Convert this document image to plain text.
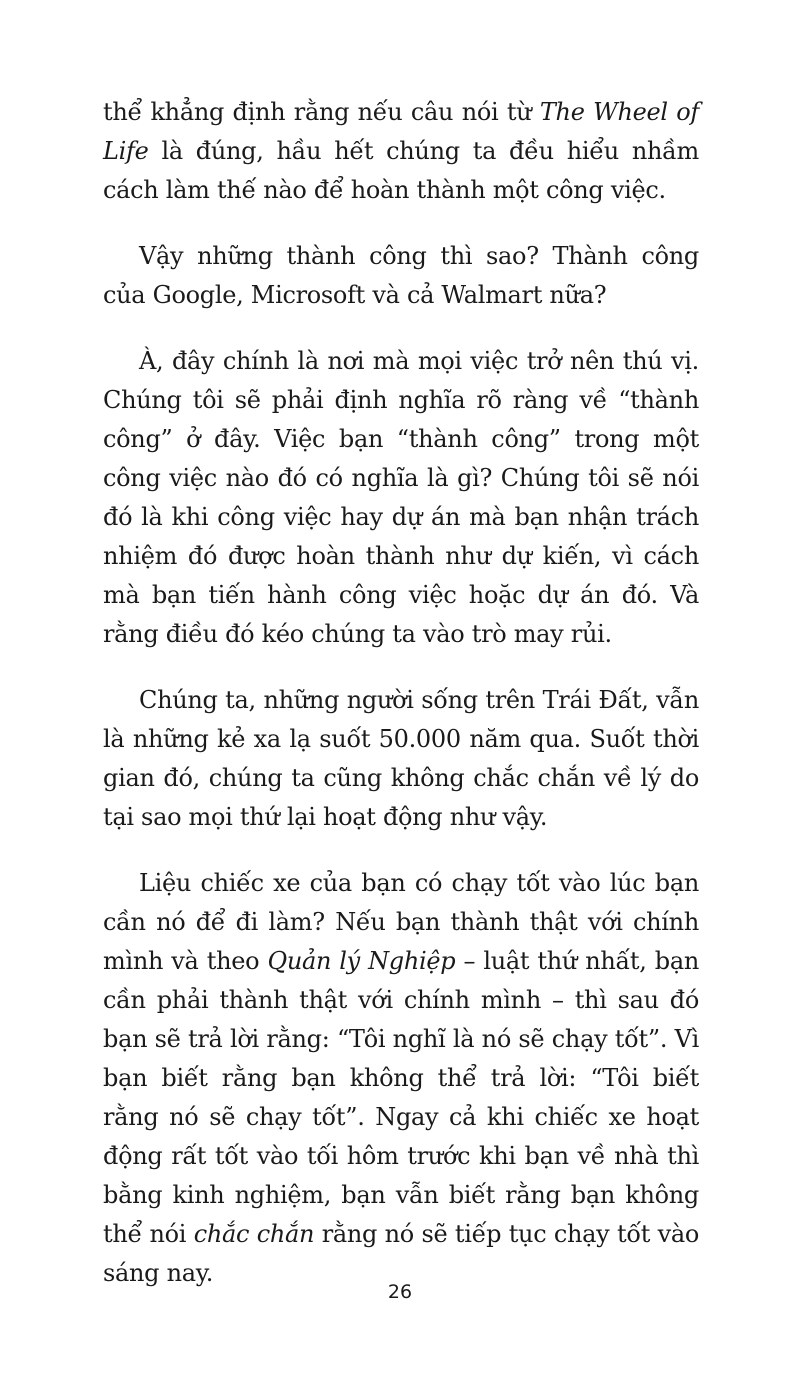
thể khẳng định rằng nếu câu nói từ The Wheel of Life là đúng, hầu hết chúng ta đều hiểu nhầm cách làm thế nào để hoàn thành một công việc.

Vậy những thành công thì sao? Thành công của Google, Microsoft và cả Walmart nữa?

À, đây chính là nơi mà mọi việc trở nên thú vị. Chúng tôi sẽ phải định nghĩa rõ ràng về “thành công” ở đây. Việc bạn “thành công” trong một công việc nào đó có nghĩa là gì? Chúng tôi sẽ nói đó là khi công việc hay dự án mà bạn nhận trách nhiệm đó được hoàn thành như dự kiến, vì cách mà bạn tiến hành công việc hoặc dự án đó. Và rằng điều đó kéo chúng ta vào trò may rủi.

Chúng ta, những người sống trên Trái Đất, vẫn là những kẻ xa lạ suốt 50.000 năm qua. Suốt thời gian đó, chúng ta cũng không chắc chắn về lý do tại sao mọi thứ lại hoạt động như vậy.

Liệu chiếc xe của bạn có chạy tốt vào lúc bạn cần nó để đi làm? Nếu bạn thành thật với chính mình và theo Quản lý Nghiệp – luật thứ nhất, bạn cần phải thành thật với chính mình – thì sau đó bạn sẽ trả lời rằng: “Tôi nghĩ là nó sẽ chạy tốt”. Vì bạn biết rằng bạn không thể trả lời: “Tôi biết rằng nó sẽ chạy tốt”. Ngay cả khi chiếc xe hoạt động rất tốt vào tối hôm trước khi bạn về nhà thì bằng kinh nghiệm, bạn vẫn biết rằng bạn không thể nói chắc chắn rằng nó sẽ tiếp tục chạy tốt vào sáng nay.

26
